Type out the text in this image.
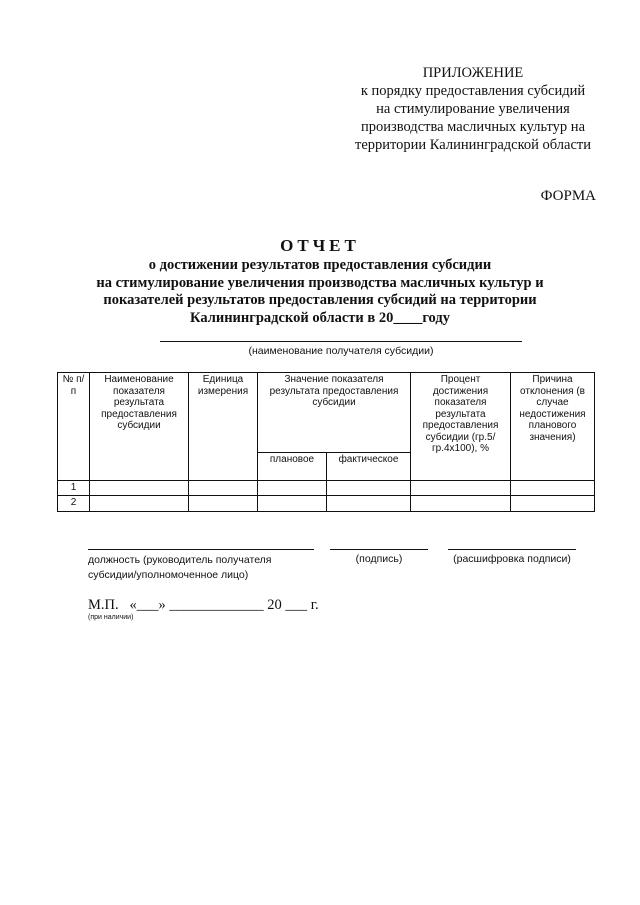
ПРИЛОЖЕНИЕ
к порядку предоставления субсидий
на стимулирование увеличения
производства масличных культур на
территории Калининградской области
ФОРМА
ОТЧЕТ
о достижении результатов предоставления субсидии
на стимулирование увеличения производства масличных культур и
показателей результатов предоставления субсидий на территории
Калининградской области в 20____году
(наименование получателя субсидии)
№ п/п	Наименование показателя результата предоставления субсидии	Единица измерения	Значение показателя результата предоставления субсидии		Процент достижения показателя результата предоставления субсидии (гр.5/гр.4х100), %	Причина отклонения (в случае недостижения планового значения)
			плановое	фактическое		
1						
2						
должность (руководитель получателя субсидии/уполномоченное лицо)
(подпись)	(расшифровка подписи)
М.П.   «___» _____________ 20 ___ г.
(при наличии)
